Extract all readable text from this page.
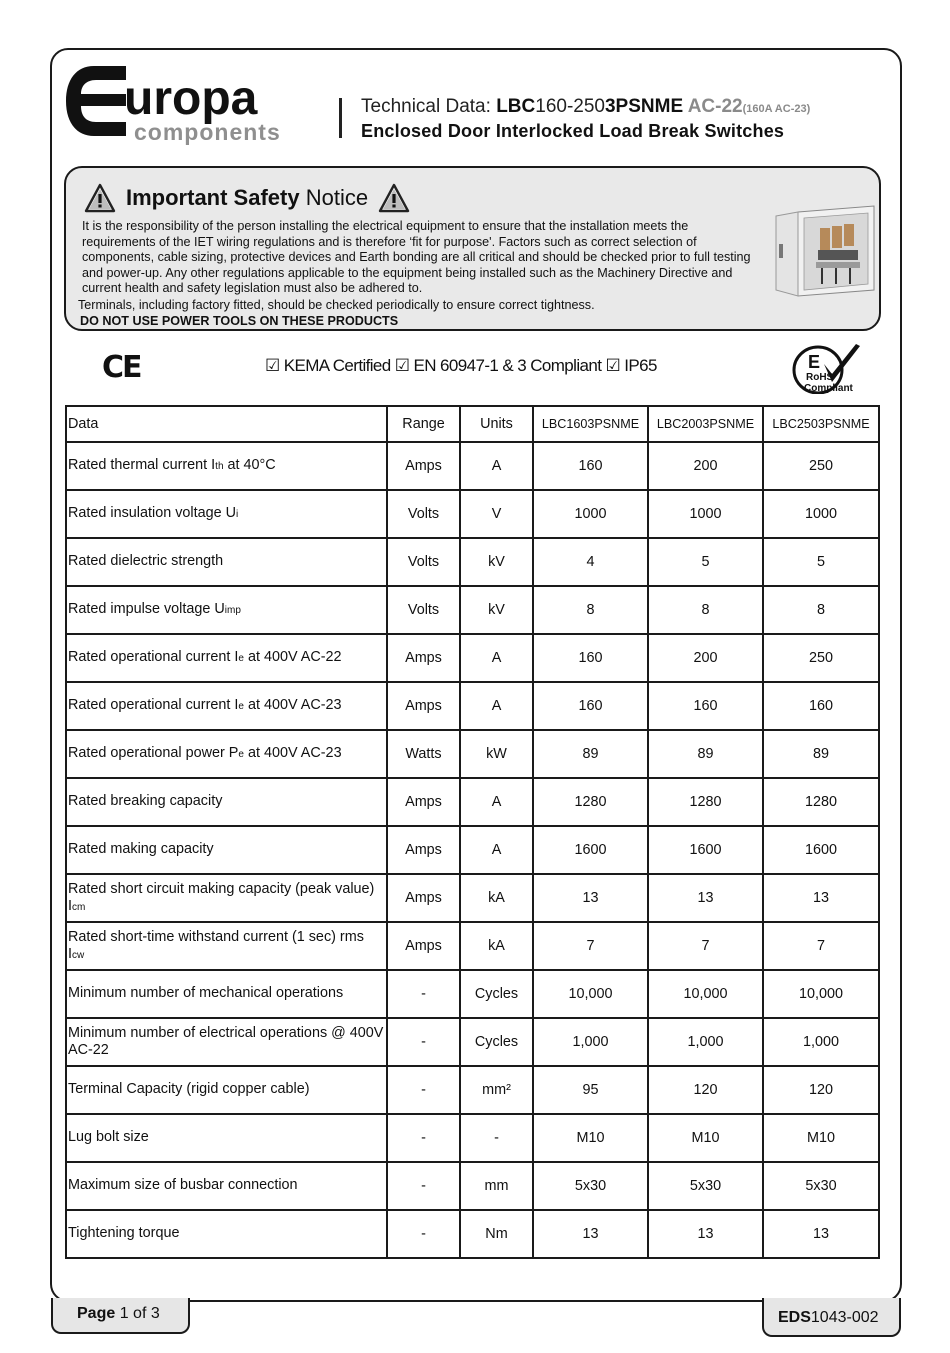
uropa
components
Technical Data: LBC160-2503PSNME AC-22(160A AC-23)
Enclosed Door Interlocked Load Break Switches
Important Safety Notice
It is the responsibility of the person installing the electrical equipment to ensure that the installation meets the requirements of the IET wiring regulations and is therefore ‘fit for purpose'. Factors such as correct selection of components, cable sizing, protective devices and Earth bonding are all critical and should be checked prior to full testing and power-up. Any other regulations applicable to the equipment being installed such as the Machinery Directive and current health and safety legislation must also be adhered to.
Terminals, including factory fitted, should be checked periodically to ensure correct tightness.
DO NOT USE POWER TOOLS ON THESE PRODUCTS
CE	☑ KEMA Certified ☑ EN 60947-1 & 3 Compliant ☑ IP65	E
RoHS
Compliant
Data	Range	Units	LBC1603PSNME	LBC2003PSNME	LBC2503PSNME
Rated thermal current Ith at 40°C	Amps	A	160	200	250
Rated insulation voltage Ui	Volts	V	1000	1000	1000
Rated dielectric strength	Volts	kV	4	5	5
Rated impulse voltage Uimp	Volts	kV	8	8	8
Rated operational current Ie at 400V AC-22	Amps	A	160	200	250
Rated operational current Ie at 400V AC-23	Amps	A	160	160	160
Rated operational power Pe at 400V AC-23	Watts	kW	89	89	89
Rated breaking capacity	Amps	A	1280	1280	1280
Rated making capacity	Amps	A	1600	1600	1600
Rated short circuit making capacity (peak value) Icm	Amps	kA	13	13	13
Rated short-time withstand current (1 sec) rms Icw	Amps	kA	7	7	7
Minimum number of mechanical operations	-	Cycles	10,000	10,000	10,000
Minimum number of electrical operations @ 400V AC-22	-	Cycles	1,000	1,000	1,000
Terminal Capacity (rigid copper cable)	-	mm²	95	120	120
Lug bolt size	-	-	M10	M10	M10
Maximum size of busbar connection	-	mm	5x30	5x30	5x30
Tightening torque	-	Nm	13	13	13
Page 1 of 3	EDS1043-002
